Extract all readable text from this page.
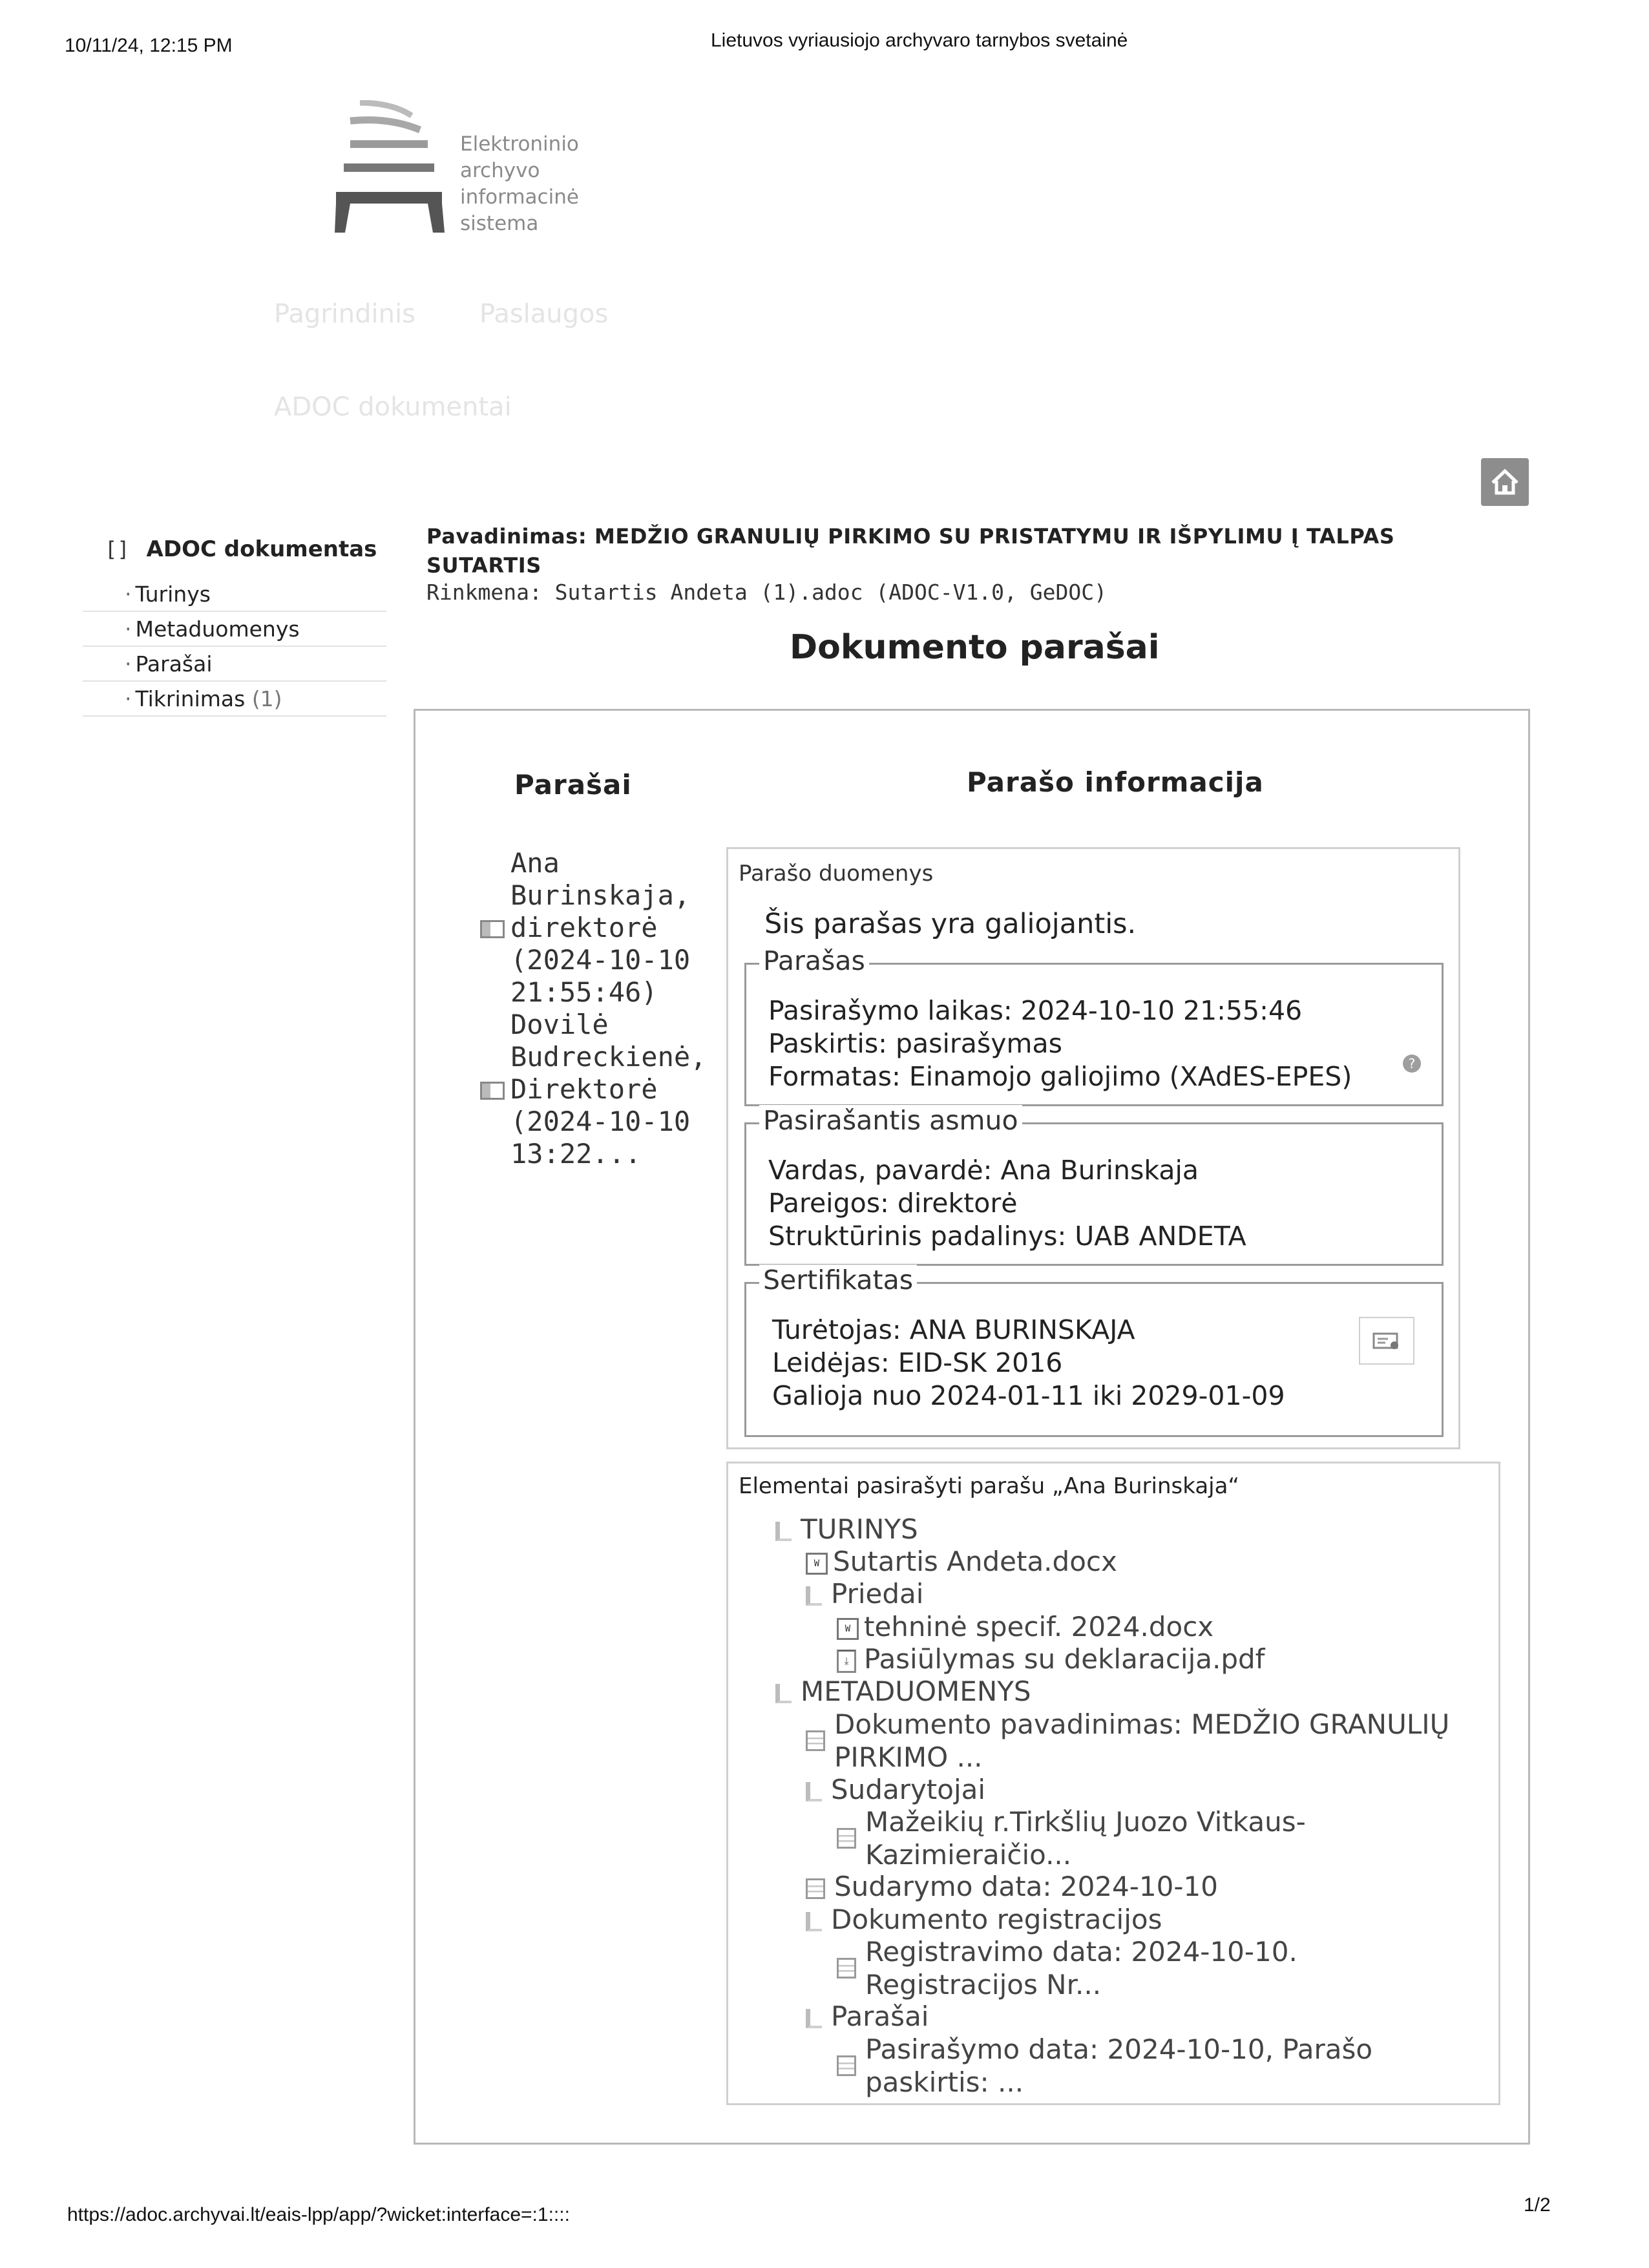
10/11/24, 12:15 PM	Lietuvos vyriausiojo archyvaro tarnybos svetainė
Elektroninio
archyvo
informacinė
sistema
Pagrindinis Paslaugos
ADOC dokumentai
[] ADOC dokumentas
· Turinys
· Metaduomenys
· Parašai
· Tikrinimas (1)
Pavadinimas: MEDŽIO GRANULIŲ PIRKIMO SU PRISTATYMU IR IŠPYLIMU Į TALPAS
SUTARTIS
Rinkmena: Sutartis Andeta (1).adoc (ADOC-V1.0, GeDOC)
Dokumento parašai
Parašai	Parašo informacija
Ana
Burinskaja,
direktorė
(2024-10-10
21:55:46)
Dovilė
Budreckienė,
Direktorė
(2024-10-10
13:22...
Parašo duomenys
Šis parašas yra galiojantis.
Parašas
Pasirašymo laikas: 2024-10-10 21:55:46
Paskirtis: pasirašymas
Formatas: Einamojo galiojimo (XAdES-EPES)	?
Pasirašantis asmuo
Vardas, pavardė: Ana Burinskaja
Pareigos: direktorė
Struktūrinis padalinys: UAB ANDETA
Sertifikatas
Turėtojas: ANA BURINSKAJA
Leidėjas: EID-SK 2016
Galioja nuo 2024-01-11 iki 2029-01-09
Elementai pasirašyti parašu „Ana Burinskaja“
TURINYS
W Sutartis Andeta.docx
Priedai
W tehninė specif. 2024.docx
⤓ Pasiūlymas su deklaracija.pdf
METADUOMENYS
Dokumento pavadinimas: MEDŽIO GRANULIŲ
PIRKIMO ...
Sudarytojai
Mažeikių r.Tirkšlių Juozo Vitkaus-
Kazimieraičio...
Sudarymo data: 2024-10-10
Dokumento registracijos
Registravimo data: 2024-10-10.
Registracijos Nr...
Parašai
Pasirašymo data: 2024-10-10, Parašo
paskirtis: ...
https://adoc.archyvai.lt/eais-lpp/app/?wicket:interface=:1::::	1/2
